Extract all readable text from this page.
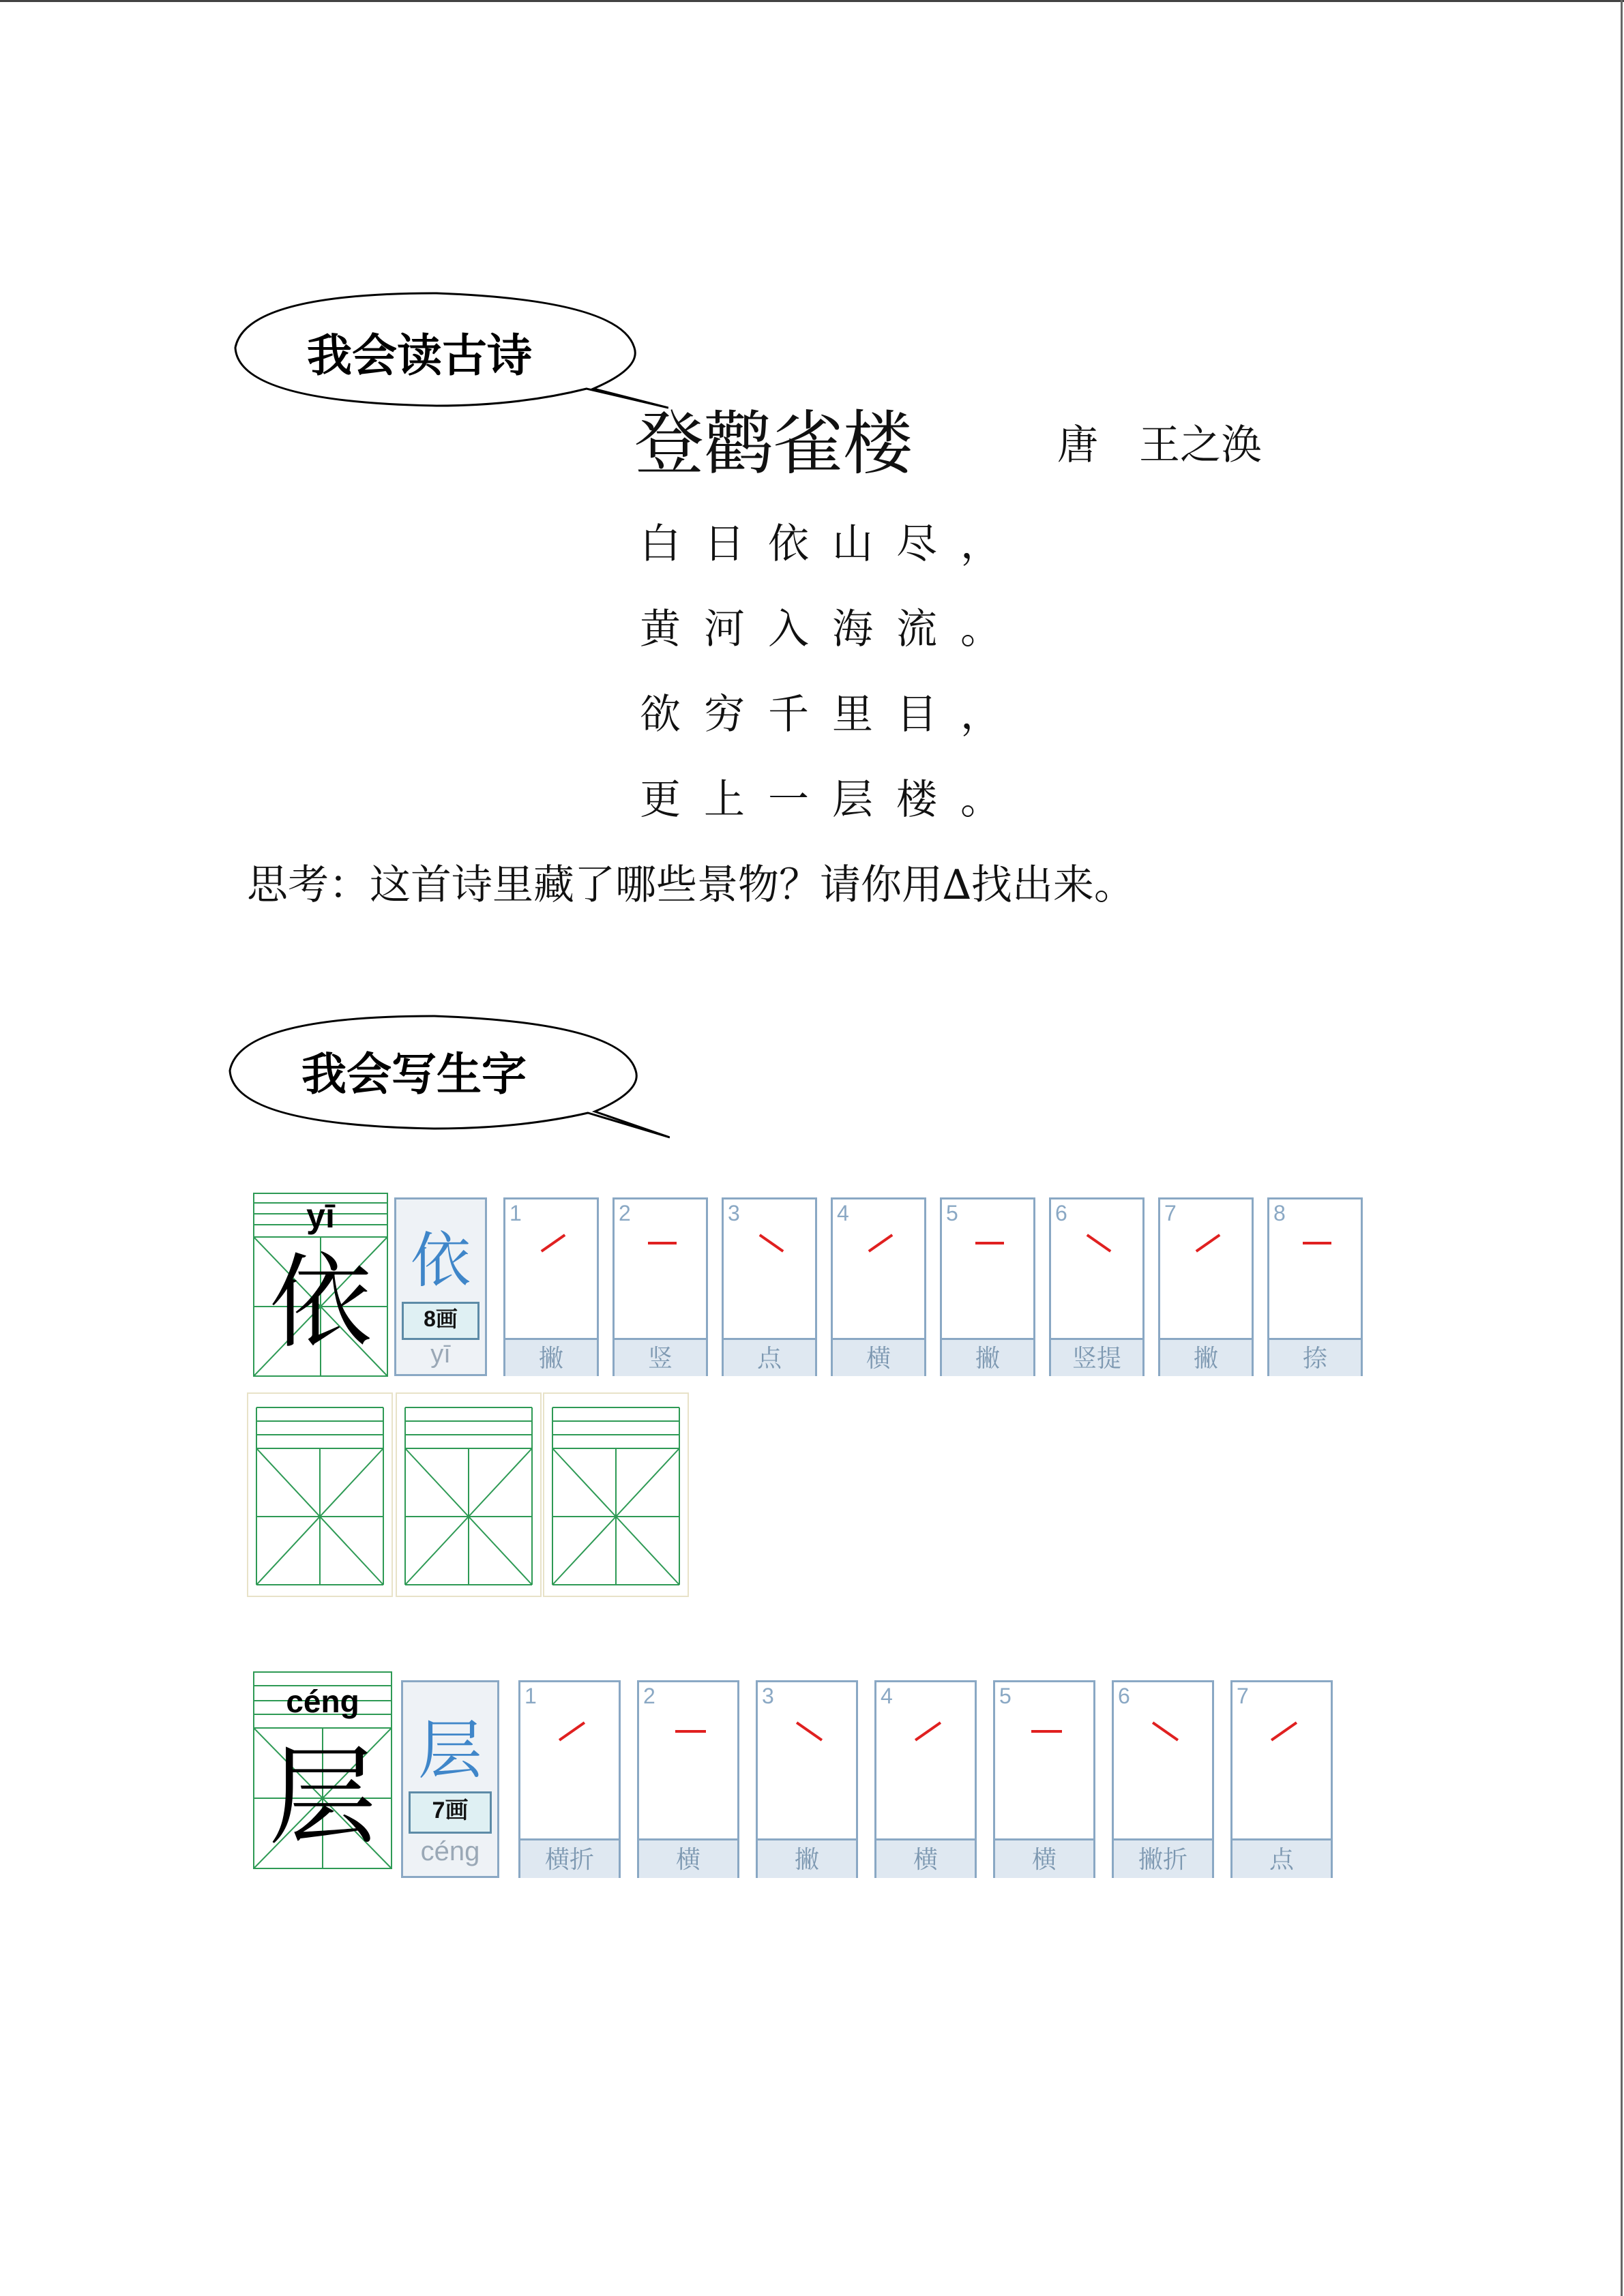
我会读古诗
登鹳雀楼	唐　王之涣
白日依山尽，
黄河入海流。
欲穷千里目，
更上一层楼。
思考：这首诗里藏了哪些景物？请你用∆找出来。
我会写生字
yī
依 依
8画
yī
1
撇
2
竖
3
点
4
横
5
撇
6
竖提
7
撇
8
捺
céng
层 层
7画
céng
1
横折
2
横
3
撇
4
横
5
横
6
撇折
7
点
